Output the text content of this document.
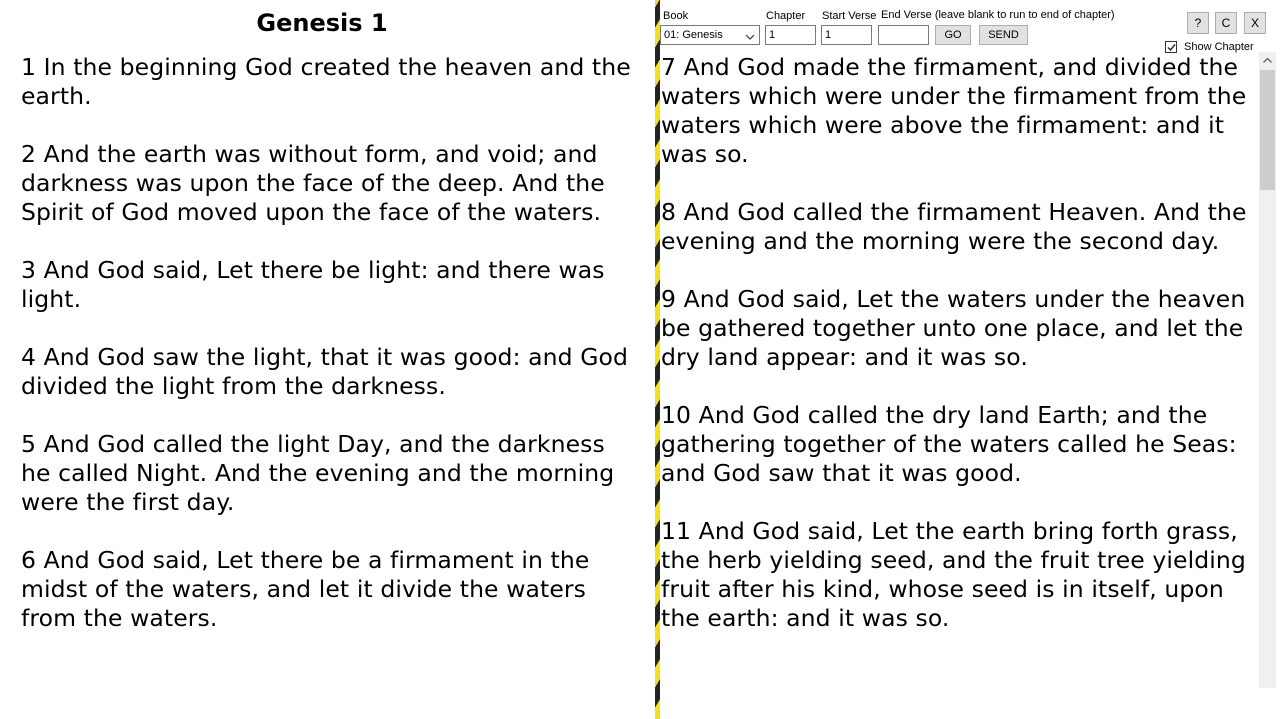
Genesis 1

1 In the beginning God created the heaven and the earth.

2 And the earth was without form, and void; and darkness was upon the face of the deep. And the Spirit of God moved upon the face of the waters.

3 And God said, Let there be light: and there was light.

4 And God saw the light, that it was good: and God divided the light from the darkness.

5 And God called the light Day, and the darkness he called Night. And the evening and the morning were the first day.

6 And God said, Let there be a firmament in the midst of the waters, and let it divide the waters from the waters.

7 And God made the firmament, and divided the waters which were under the firmament from the waters which were above the firmament: and it was so.

8 And God called the firmament Heaven. And the evening and the morning were the second day.

9 And God said, Let the waters under the heaven be gathered together unto one place, and let the dry land appear: and it was so.

10 And God called the dry land Earth; and the gathering together of the waters called he Seas: and God saw that it was good.

11 And God said, Let the earth bring forth grass, the herb yielding seed, and the fruit tree yielding fruit after his kind, whose seed is in itself, upon the earth: and it was so.

Book
01: Genesis
Chapter
1
Start Verse
1
End Verse (leave blank to run to end of chapter)
GO	SEND
?	C	X
Show Chapter
